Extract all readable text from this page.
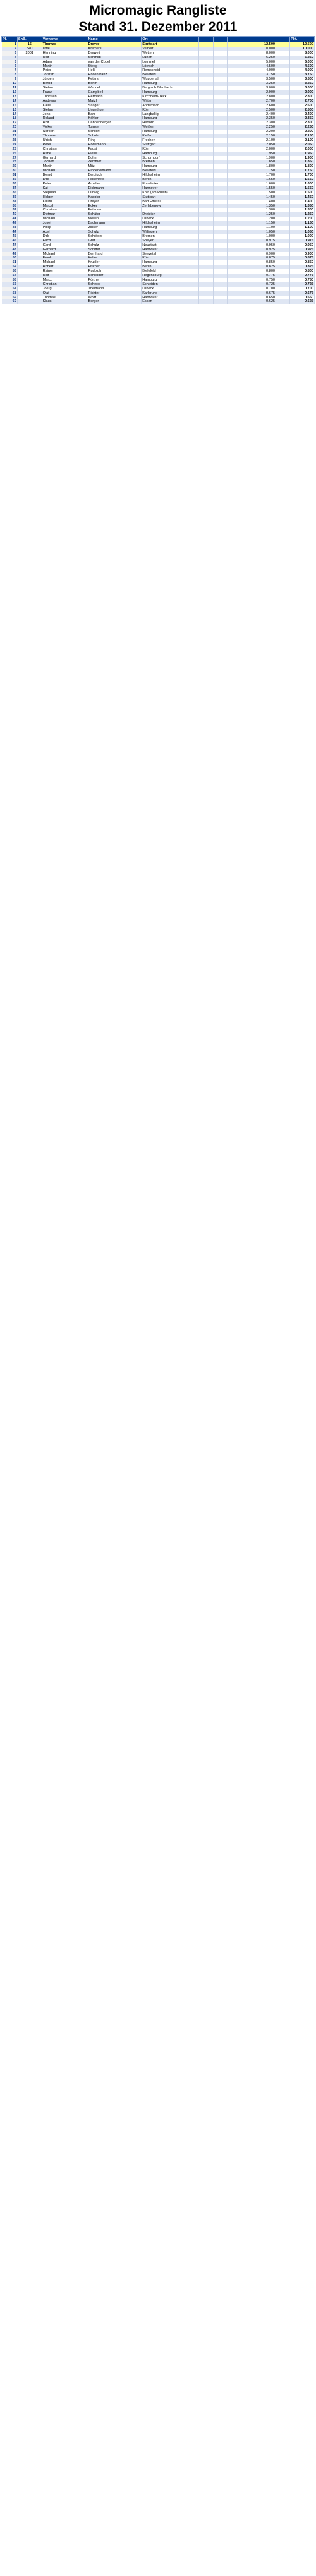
Micromagic Rangliste
Stand 31. Dezember 2011
Pl.	ShB.	Vorname	Name	Ort							Pkt.
1	15	Thomas	Dreyer	Stuttgart					12.500		12.500
2	340	Uwe	Kremers	Velbert					10.000		10.000
3	2001	Henning	Drewelt	Wetten					8.000		8.000
4		Rolf	Schmidt	Lunen					6.250		6.250
5		Adam	van der Cogel	Lommel					5.000		5.000
6		Martin	Steeg	Lörrach					4.500		4.500
7		Peter	Hekl	Remscheid					4.000		4.000
8		Torsten	Rosenkranz	Bielefeld					3.750		3.750
9		Jürgen	Peters	Wuppertal					3.500		3.500
10		Bernd	Bohm	Hamburg					3.250		3.250
11		Stefan	Wendel	Bergisch Gladbach					3.000		3.000
12		Franz	Campbell	Hamburg					2.900		2.900
13		Thorsten	Hermann	Kirchheim-Teck					2.800		2.800
14		Andreas	Matzl	Witten					2.700		2.700
15		Kalle	Saager	Andernach					2.600		2.600
16		Stefan	Ungethuer	Köln					2.500		2.500
17		Jens	Barz	Langballig					2.400		2.400
18		Roland	Köhler	Hamburg					2.350		2.350
19		Rolf	Dannenberger	Herford					2.300		2.300
20		Volker	Tomsen	Weißen					2.250		2.250
21		Norbert	Schlicht	Hamburg					2.200		2.200
22		Thomas	Schulz	Kiefer					2.150		2.150
23		Ulrich	Ring	Frechen					2.100		2.100
24		Peter	Rodemann	Stuttgart					2.050		2.050
25		Christian	Faust	Köln					2.000		2.000
26		Rene	Pless	Hamburg					1.950		1.950
27		Gerhard	Bohn	Schorndorf					1.900		1.900
28		Jochen	Zemmer	Bremen					1.850		1.850
29		Martin	Mitz	Hamburg					1.800		1.800
30		Michael	Hinderleimann	Bielefeld					1.750		1.750
31		Bernd	Bergjuch	Hildesheim					1.700		1.700
32		Dirk	Felsenfeld	Berlin					1.650		1.650
33		Peter	Arbelter	Emsdetten					1.600		1.600
34		Kai	Eichmann	Hannover					1.550		1.550
35		Stephan	Ludwig	Köln (am Rhein)					1.500		1.500
36		Holger	Kappler	Stuttgart					1.450		1.450
37		Knuth	Dreyer	Bad Emstal					1.400		1.400
38		Marcel	Ecker	Zerlebenow					1.350		1.350
39		Christian	Petersen						1.300		1.300
40		Dietmar	Schäfer	Dreieich					1.250		1.250
41		Michael	Mellen	Lübeck					1.200		1.200
42		Josef	Bachmann	Hildesheim					1.150		1.150
43		Philip	Zinser	Hamburg					1.100		1.100
44		Axel	Schulz	Willingen					1.050		1.050
45		Dirk	Schröder	Bremen					1.000		1.000
46		Erich	Graf	Speyer					0.975		0.975
47		Gerd	Schulz	Neustadt					0.950		0.950
48		Gerhard	Schiffer	Hannover					0.925		0.925
49		Michael	Bernhard	Seevetal					0.900		0.900
50		Frank	Kelter	Köln					0.875		0.875
51		Michael	Kruttler	Hamburg					0.850		0.850
52		Robert	Fischer	Berlin					0.825		0.825
53		Rainer	Rudolph	Bielefeld					0.800		0.800
54		Ralf	Schreiber	Regensburg					0.775		0.775
55		Marco	Pörtner	Hamburg					0.750		0.750
56		Christian	Scherer	Schleiden					0.725		0.725
57		Joerg	Thelmann	Lübeck					0.700		0.700
58		Olaf	Richter	Karlsruhe					0.675		0.675
59		Thomas	Wolff	Hannover					0.650		0.650
60		Klaus	Berger	Essen					0.625		0.625
